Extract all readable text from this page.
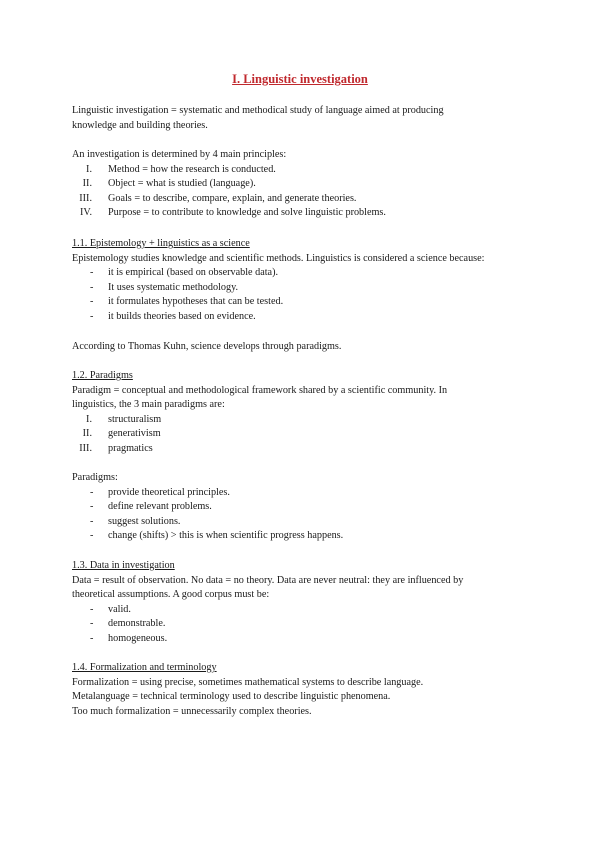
I. Linguistic investigation
Linguistic investigation = systematic and methodical study of language aimed at producing
knowledge and building theories.
An investigation is determined by 4 main principles:
I. Method = how the research is conducted.
II. Object = what is studied (language).
III. Goals = to describe, compare, explain, and generate theories.
IV. Purpose = to contribute to knowledge and solve linguistic problems.
1.1. Epistemology + linguistics as a science
Epistemology studies knowledge and scientific methods. Linguistics is considered a science because:
- it is empirical (based on observable data).
- It uses systematic methodology.
- it formulates hypotheses that can be tested.
- it builds theories based on evidence.
According to Thomas Kuhn, science develops through paradigms.
1.2. Paradigms
Paradigm = conceptual and methodological framework shared by a scientific community. In
linguistics, the 3 main paradigms are:
I. structuralism
II. generativism
III. pragmatics
Paradigms:
- provide theoretical principles.
- define relevant problems.
- suggest solutions.
- change (shifts) > this is when scientific progress happens.
1.3. Data in investigation
Data = result of observation. No data = no theory. Data are never neutral: they are influenced by
theoretical assumptions. A good corpus must be:
- valid.
- demonstrable.
- homogeneous.
1.4. Formalization and terminology
Formalization = using precise, sometimes mathematical systems to describe language.
Metalanguage = technical terminology used to describe linguistic phenomena.
Too much formalization = unnecessarily complex theories.
